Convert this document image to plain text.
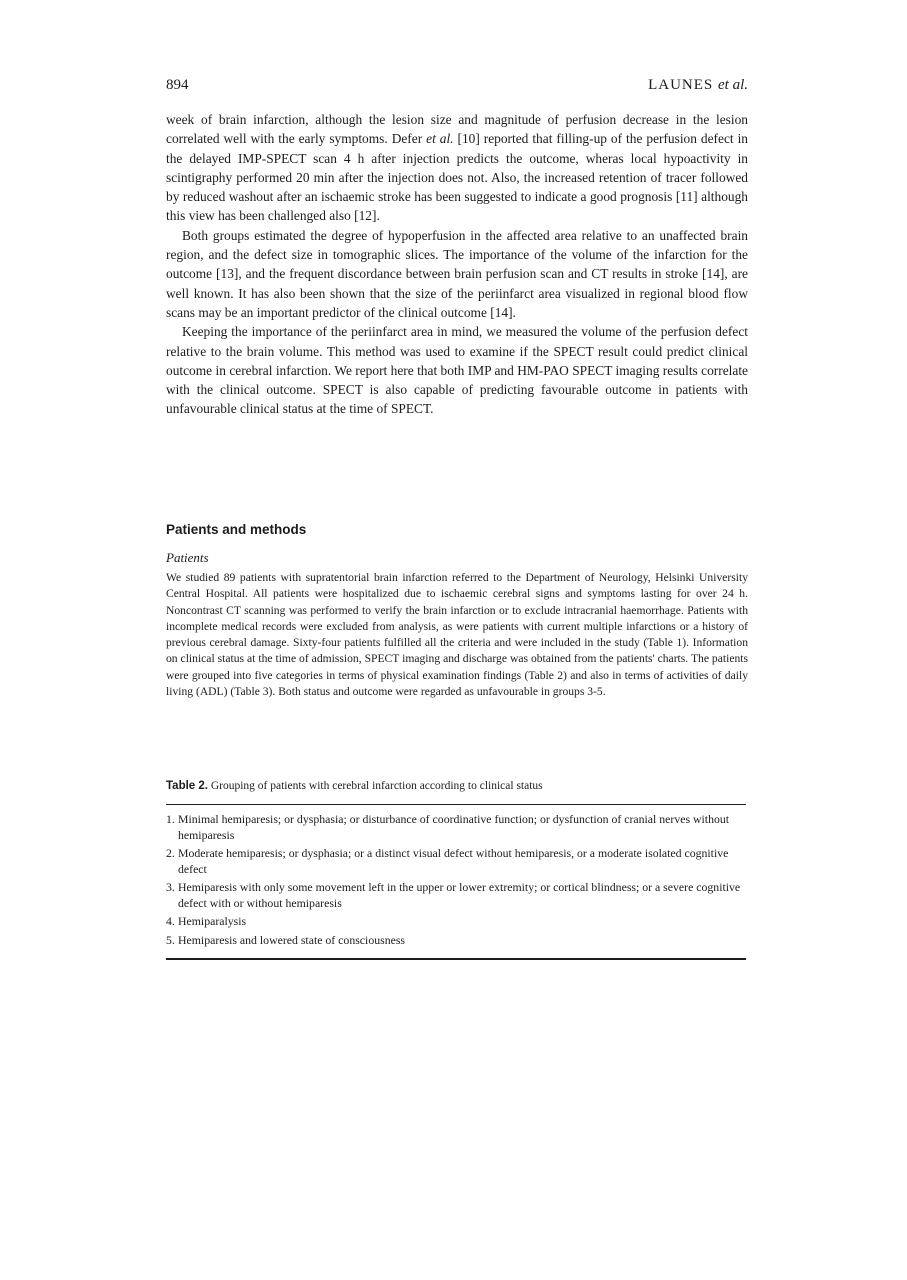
894	LAUNES et al.

week of brain infarction, although the lesion size and magnitude of perfusion decrease in the lesion correlated well with the early symptoms. Defer et al. [10] reported that filling-up of the perfusion defect in the delayed IMP-SPECT scan 4 h after injection predicts the outcome, wheras local hypoactivity in scintigraphy performed 20 min after the injection does not. Also, the increased retention of tracer followed by reduced washout after an ischaemic stroke has been suggested to indicate a good prognosis [11] although this view has been challenged also [12].

Both groups estimated the degree of hypoperfusion in the affected area relative to an unaffected brain region, and the defect size in tomographic slices. The importance of the volume of the infarction for the outcome [13], and the frequent discordance between brain perfusion scan and CT results in stroke [14], are well known. It has also been shown that the size of the periinfarct area visualized in regional blood flow scans may be an important predictor of the clinical outcome [14].

Keeping the importance of the periinfarct area in mind, we measured the volume of the perfusion defect relative to the brain volume. This method was used to examine if the SPECT result could predict clinical outcome in cerebral infarction. We report here that both IMP and HM-PAO SPECT imaging results correlate with the clinical outcome. SPECT is also capable of predicting favourable outcome in patients with unfavourable clinical status at the time of SPECT.

Patients and methods
Patients

We studied 89 patients with supratentorial brain infarction referred to the Department of Neurology, Helsinki University Central Hospital. All patients were hospitalized due to ischaemic cerebral signs and symptoms lasting for over 24 h. Noncontrast CT scanning was performed to verify the brain infarction or to exclude intracranial haemorrhage. Patients with incomplete medical records were excluded from analysis, as were patients with current multiple infarctions or a history of previous cerebral damage. Sixty-four patients fulfilled all the criteria and were included in the study (Table 1). Information on clinical status at the time of admission, SPECT imaging and discharge was obtained from the patients' charts. The patients were grouped into five categories in terms of physical examination findings (Table 2) and also in terms of activities of daily living (ADL) (Table 3). Both status and outcome were regarded as unfavourable in groups 3-5.

Table 2. Grouping of patients with cerebral infarction according to clinical status
1. Minimal hemiparesis; or dysphasia; or disturbance of coordinative function; or dysfunction of cranial nerves without hemiparesis
2. Moderate hemiparesis; or dysphasia; or a distinct visual defect without hemiparesis, or a moderate isolated cognitive defect
3. Hemiparesis with only some movement left in the upper or lower extremity; or cortical blindness; or a severe cognitive defect with or without hemiparesis
4. Hemiparalysis
5. Hemiparesis and lowered state of consciousness
